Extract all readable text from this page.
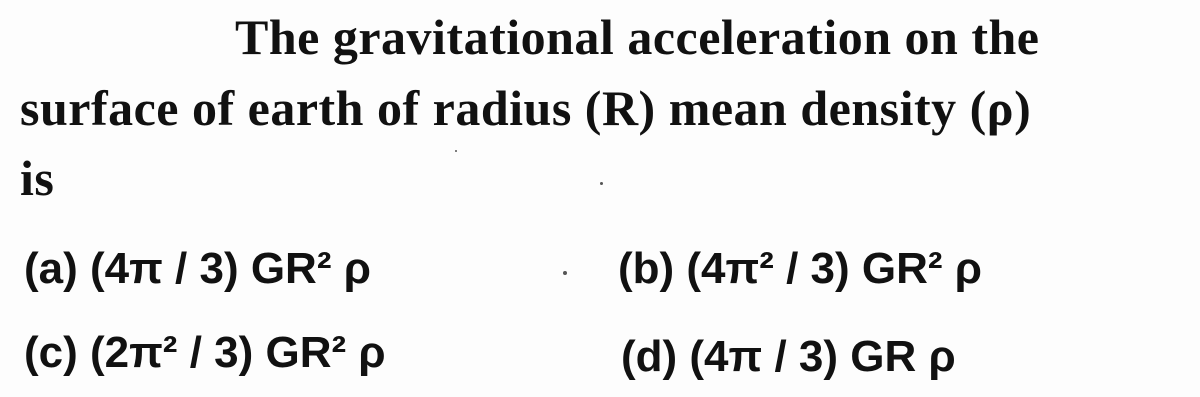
The gravitational acceleration on the
surface of earth of radius (R) mean density (ρ)
is
(a) (4π / 3) GR² ρ	(b) (4π² / 3) GR² ρ
(c) (2π² / 3) GR² ρ	(d) (4π / 3) GR ρ
